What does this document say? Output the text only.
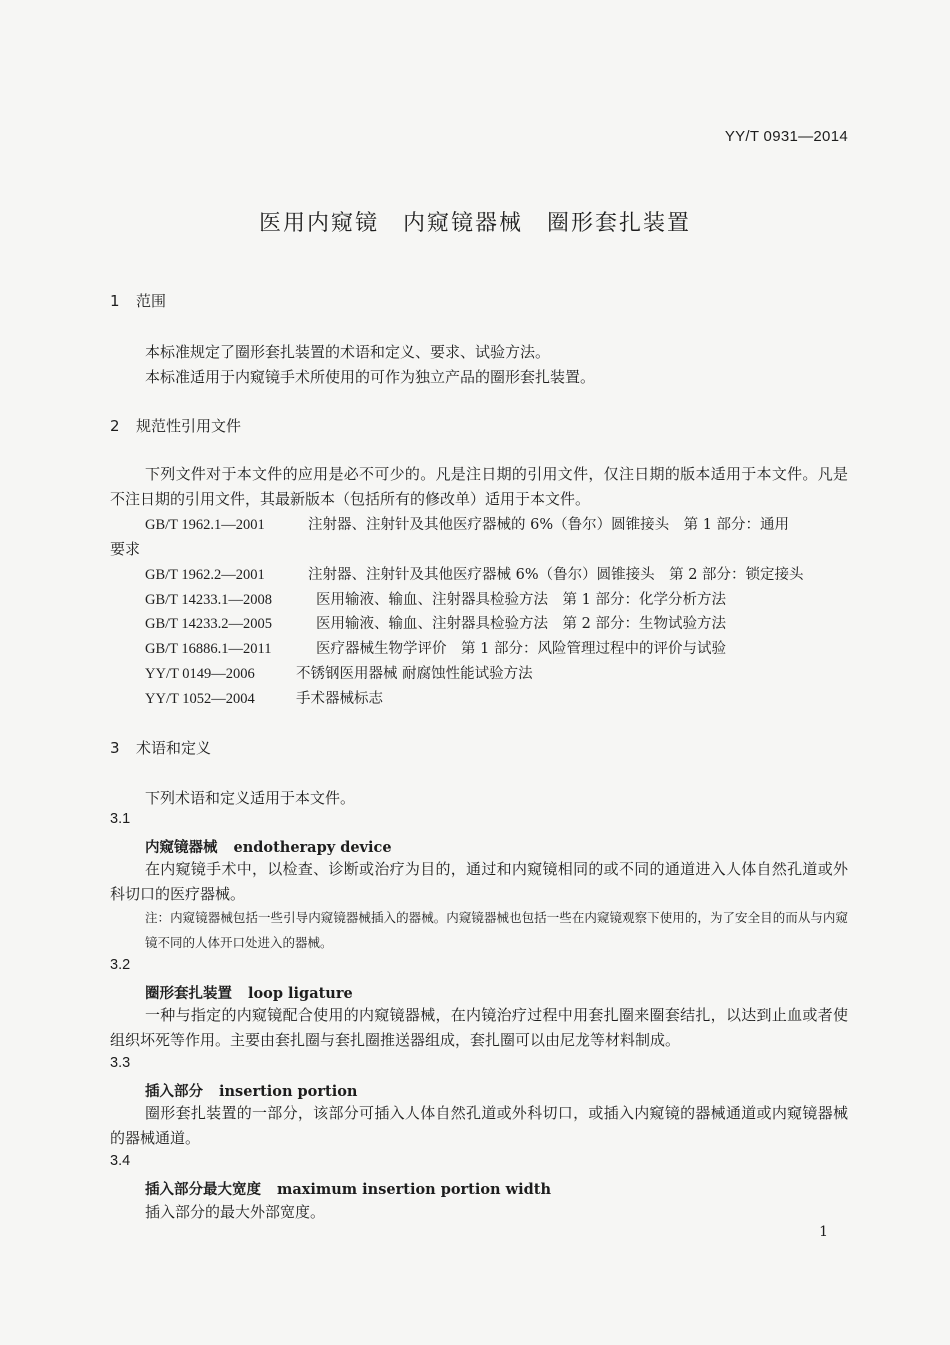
YY/T 0931—2014
医用内窥镜　内窥镜器械　圈形套扎装置
1 范围
本标准规定了圈形套扎装置的术语和定义、要求、试验方法。
本标准适用于内窥镜手术所使用的可作为独立产品的圈形套扎装置。
2 规范性引用文件
下列文件对于本文件的应用是必不可少的。凡是注日期的引用文件，仅注日期的版本适用于本文件。凡是不注日期的引用文件，其最新版本（包括所有的修改单）适用于本文件。
GB/T 1962.1—2001	注射器、注射针及其他医疗器械的 6%（鲁尔）圆锥接头　第 1 部分：通用
要求
GB/T 1962.2—2001	注射器、注射针及其他医疗器械 6%（鲁尔）圆锥接头　第 2 部分：锁定接头
GB/T 14233.1—2008	医用输液、输血、注射器具检验方法　第 1 部分：化学分析方法
GB/T 14233.2—2005	医用输液、输血、注射器具检验方法　第 2 部分：生物试验方法
GB/T 16886.1—2011	医疗器械生物学评价　第 1 部分：风险管理过程中的评价与试验
YY/T 0149—2006	不锈钢医用器械 耐腐蚀性能试验方法
YY/T 1052—2004	手术器械标志
3 术语和定义
下列术语和定义适用于本文件。
3.1
内窥镜器械 endotherapy device
在内窥镜手术中，以检查、诊断或治疗为目的，通过和内窥镜相同的或不同的通道进入人体自然孔道或外科切口的医疗器械。
注：内窥镜器械包括一些引导内窥镜器械插入的器械。内窥镜器械也包括一些在内窥镜观察下使用的，为了安全目的而从与内窥镜不同的人体开口处进入的器械。
3.2
圈形套扎装置 loop ligature
一种与指定的内窥镜配合使用的内窥镜器械，在内镜治疗过程中用套扎圈来圈套结扎，以达到止血或者使组织坏死等作用。主要由套扎圈与套扎圈推送器组成，套扎圈可以由尼龙等材料制成。
3.3
插入部分 insertion portion
圈形套扎装置的一部分，该部分可插入人体自然孔道或外科切口，或插入内窥镜的器械通道或内窥镜器械的器械通道。
3.4
插入部分最大宽度 maximum insertion portion width
插入部分的最大外部宽度。
1
